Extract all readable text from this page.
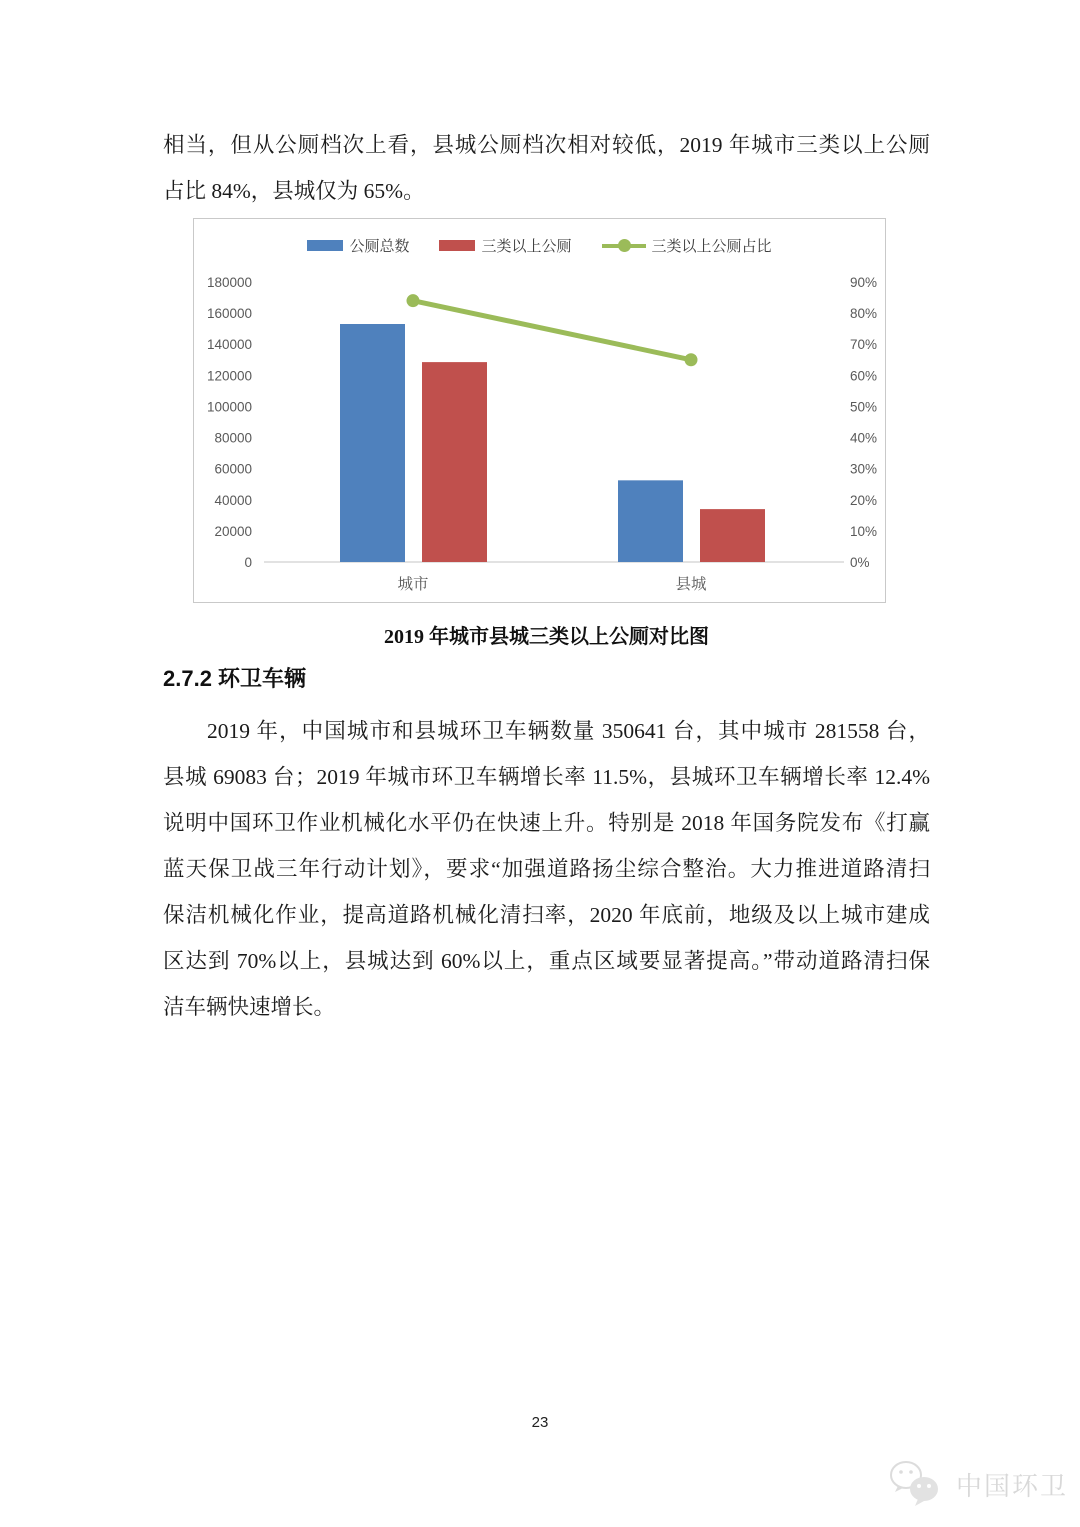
相当，但从公厕档次上看，县城公厕档次相对较低，2019 年城市三类以上公厕
占比 84%，县城仅为 65%。
公厕总数	三类以上公厕	三类以上公厕占比
0
20000
40000
60000
80000
100000
120000
140000
160000
180000
0%
10%
20%
30%
40%
50%
60%
70%
80%
90%
城市	县城
2019 年城市县城三类以上公厕对比图
2.7.2 环卫车辆
2019 年，中国城市和县城环卫车辆数量 350641 台，其中城市 281558 台，
县城 69083 台；2019 年城市环卫车辆增长率 11.5%，县城环卫车辆增长率 12.4%
说明中国环卫作业机械化水平仍在快速上升。特别是 2018 年国务院发布《打赢
蓝天保卫战三年行动计划》，要求“加强道路扬尘综合整治。大力推进道路清扫
保洁机械化作业，提高道路机械化清扫率，2020 年底前，地级及以上城市建成
区达到 70%以上，县城达到 60%以上，重点区域要显著提高。”带动道路清扫保
洁车辆快速增长。
23
中国环卫
